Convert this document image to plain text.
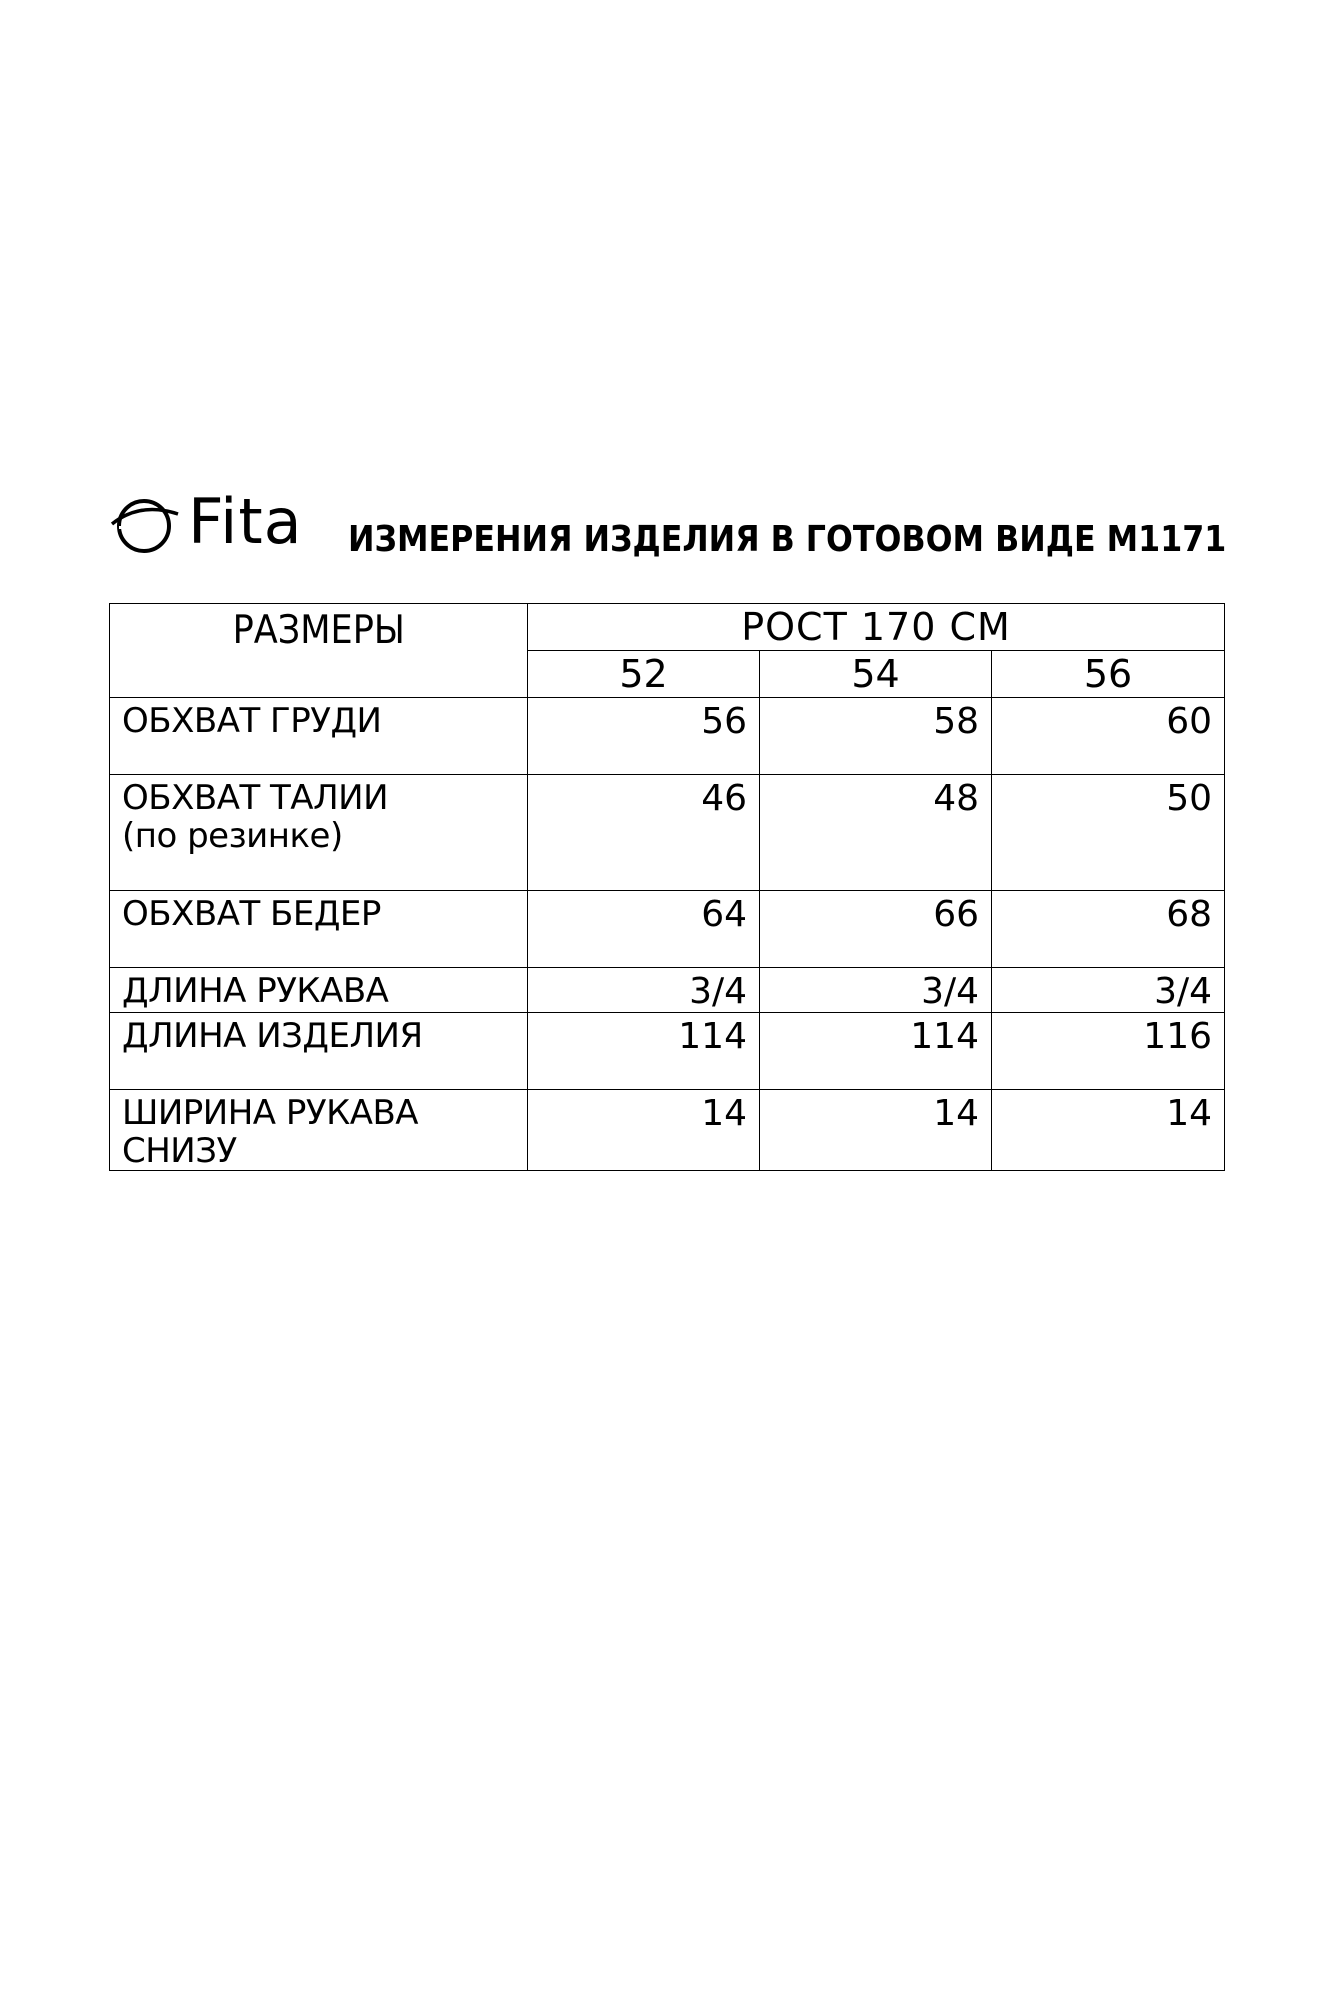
Fita ИЗМЕРЕНИЯ ИЗДЕЛИЯ В ГОТОВОМ ВИДЕ М1171
РАЗМЕРЫ	РОСТ 170 СМ		
	52	54	56

ОБХВАТ ГРУДИ	56	58	60

ОБХВАТ ТАЛИИ
(по резинке)	46	48	50

ОБХВАТ БЕДЕР	64	66	68

ДЛИНА РУКАВА	3/4	3/4	3/4

ДЛИНА ИЗДЕЛИЯ	114	114	116

ШИРИНА РУКАВА
СНИЗУ	14	14	14
